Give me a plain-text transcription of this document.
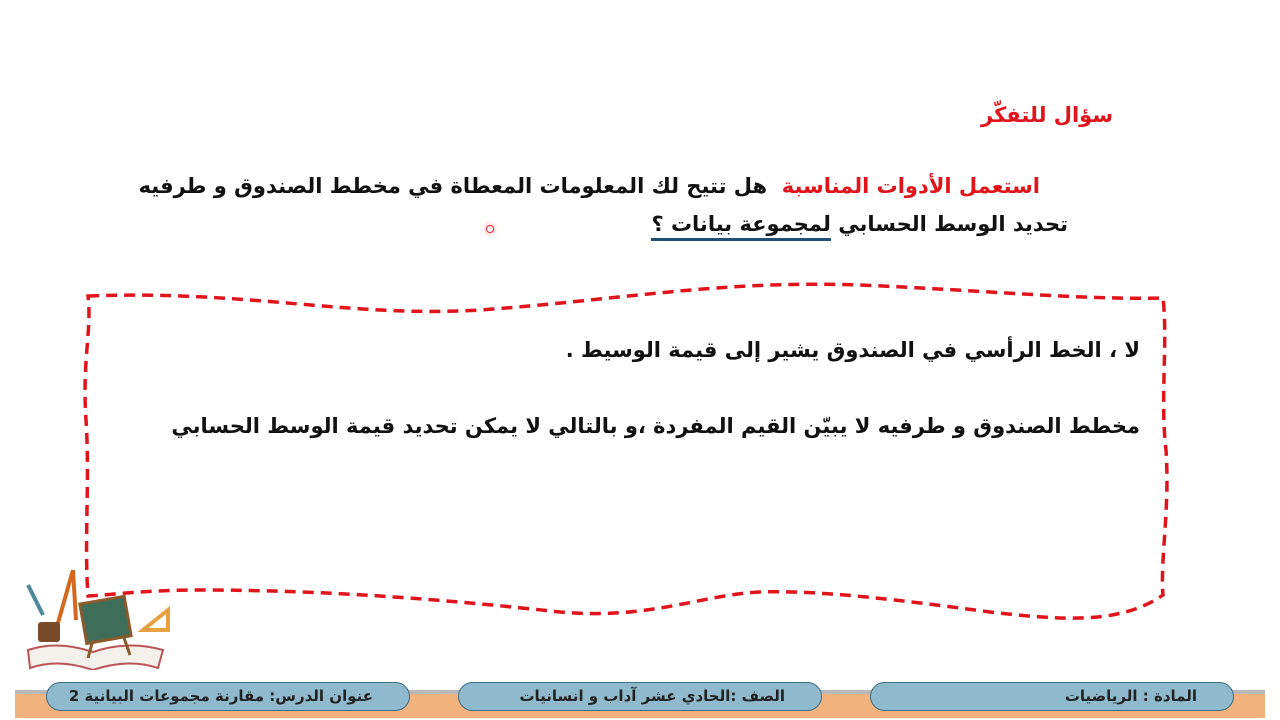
سؤال للتفكّر
استعمل الأدوات المناسبة  هل تتيح لك المعلومات المعطاة في مخطط الصندوق و طرفيه
تحديد الوسط الحسابي لمجموعة بيانات ؟
لا ، الخط الرأسي في الصندوق يشير إلى قيمة الوسيط .
مخطط الصندوق و طرفيه لا يبيّن القيم المفردة ،و بالتالي لا يمكن تحديد قيمة الوسط الحسابي
عنوان الدرس: مقارنة مجموعات البيانية 2	الصف :الحادي عشر آداب و انسانيات	المادة : الرياضيات
